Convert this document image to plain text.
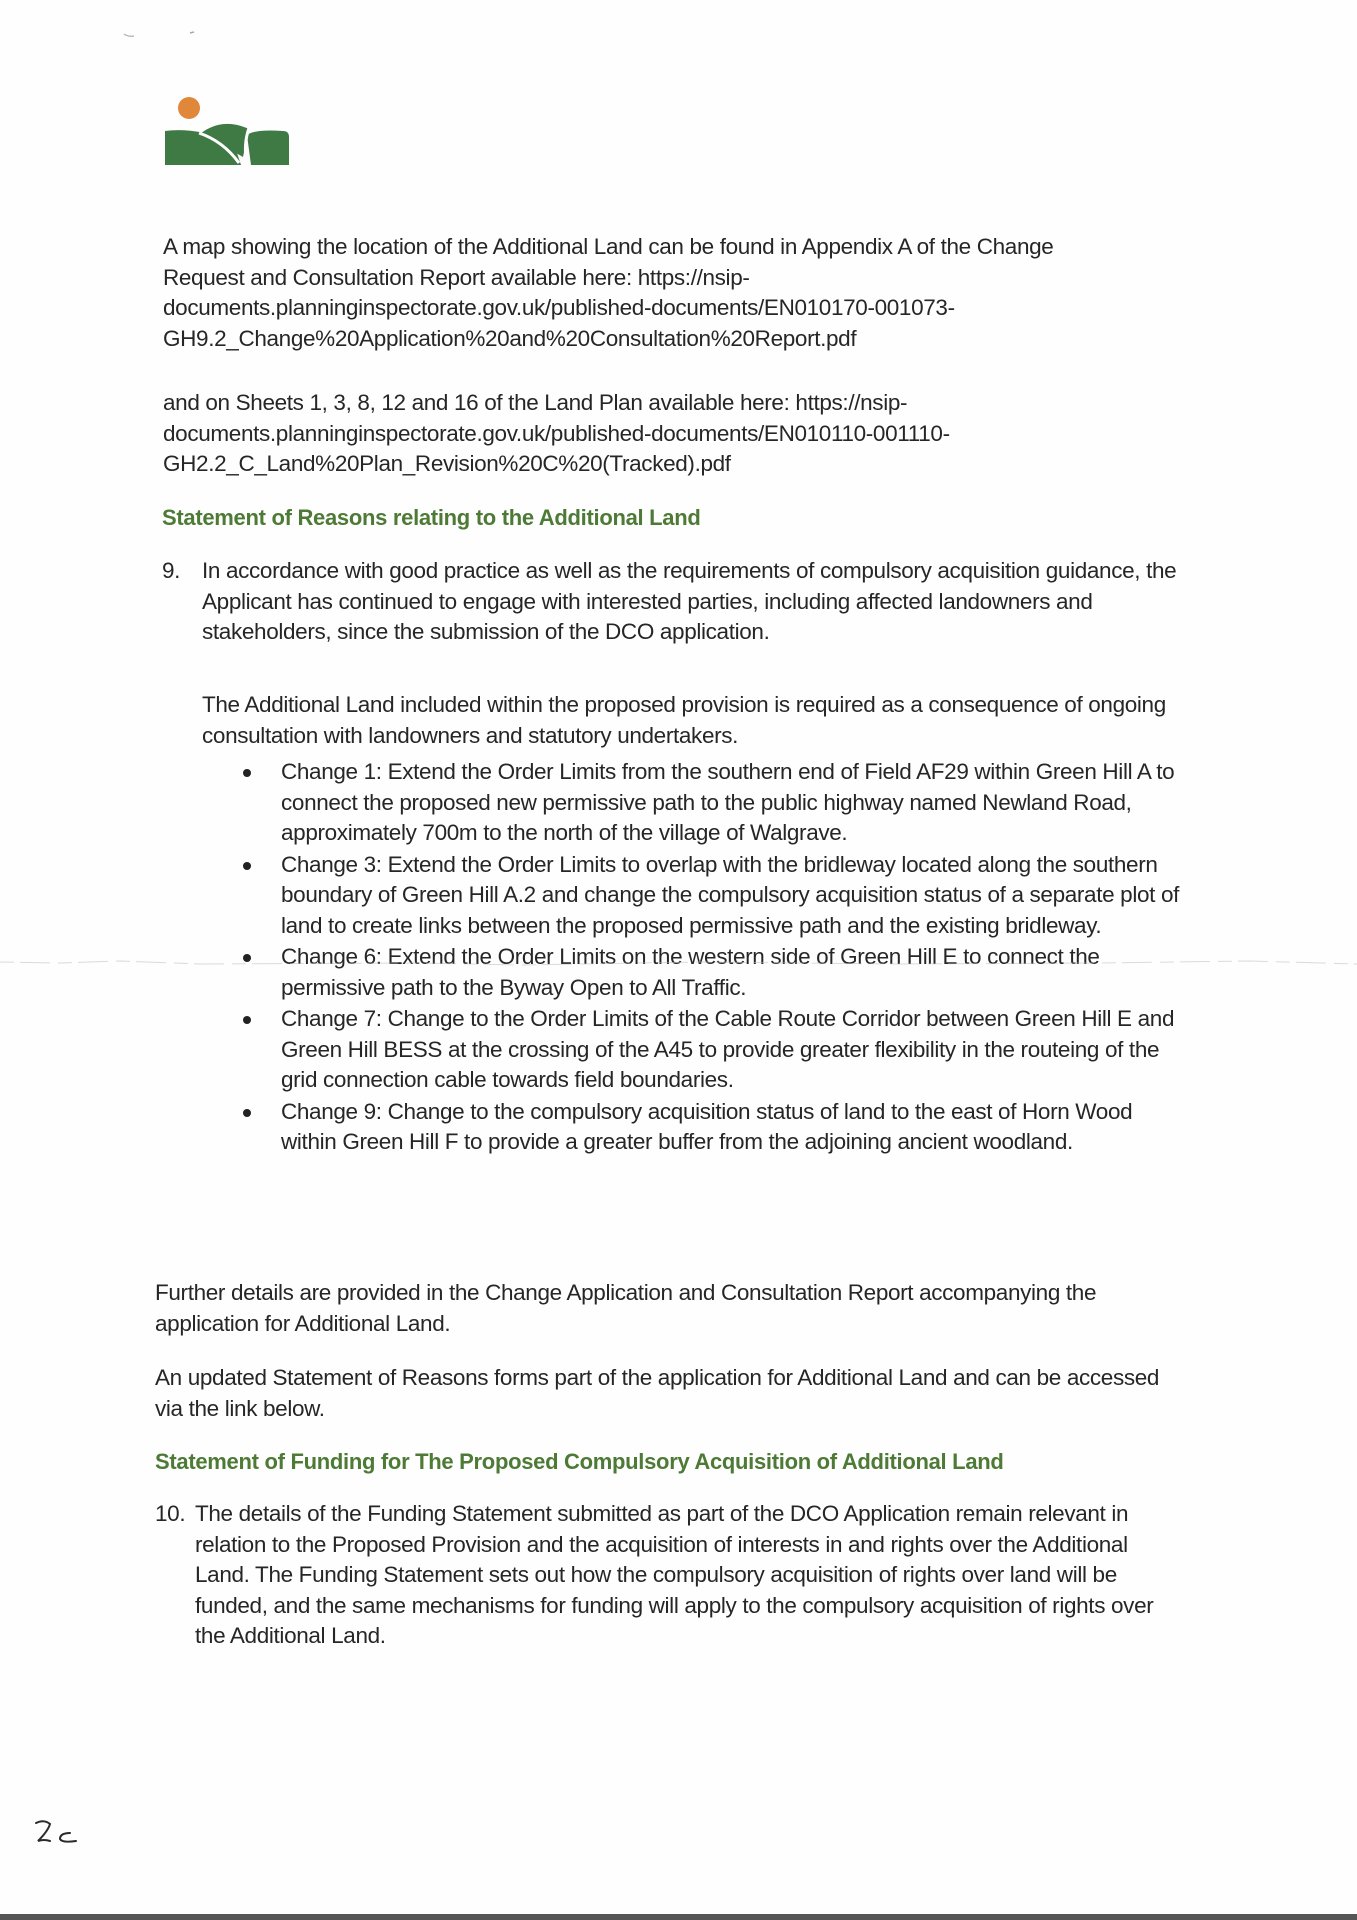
A map showing the location of the Additional Land can be found in Appendix A of the Change
Request and Consultation Report available here: https://nsip-
documents.planninginspectorate.gov.uk/published-documents/EN010170-001073-
GH9.2_Change%20Application%20and%20Consultation%20Report.pdf
and on Sheets 1, 3, 8, 12 and 16 of the Land Plan available here: https://nsip-
documents.planninginspectorate.gov.uk/published-documents/EN010110-001110-
GH2.2_C_Land%20Plan_Revision%20C%20(Tracked).pdf
Statement of Reasons relating to the Additional Land
9. In accordance with good practice as well as the requirements of compulsory acquisition guidance, the Applicant has continued to engage with interested parties, including affected landowners and stakeholders, since the submission of the DCO application.
The Additional Land included within the proposed provision is required as a consequence of ongoing consultation with landowners and statutory undertakers.
Change 1: Extend the Order Limits from the southern end of Field AF29 within Green Hill A to connect the proposed new permissive path to the public highway named Newland Road, approximately 700m to the north of the village of Walgrave.
Change 3: Extend the Order Limits to overlap with the bridleway located along the southern boundary of Green Hill A.2 and change the compulsory acquisition status of a separate plot of land to create links between the proposed permissive path and the existing bridleway.
Change 6: Extend the Order Limits on the western side of Green Hill E to connect the permissive path to the Byway Open to All Traffic.
Change 7: Change to the Order Limits of the Cable Route Corridor between Green Hill E and Green Hill BESS at the crossing of the A45 to provide greater flexibility in the routeing of the grid connection cable towards field boundaries.
Change 9: Change to the compulsory acquisition status of land to the east of Horn Wood within Green Hill F to provide a greater buffer from the adjoining ancient woodland.
Further details are provided in the Change Application and Consultation Report accompanying the application for Additional Land.
An updated Statement of Reasons forms part of the application for Additional Land and can be accessed via the link below.
Statement of Funding for The Proposed Compulsory Acquisition of Additional Land
10. The details of the Funding Statement submitted as part of the DCO Application remain relevant in relation to the Proposed Provision and the acquisition of interests in and rights over the Additional Land. The Funding Statement sets out how the compulsory acquisition of rights over land will be funded, and the same mechanisms for funding will apply to the compulsory acquisition of rights over the Additional Land.
